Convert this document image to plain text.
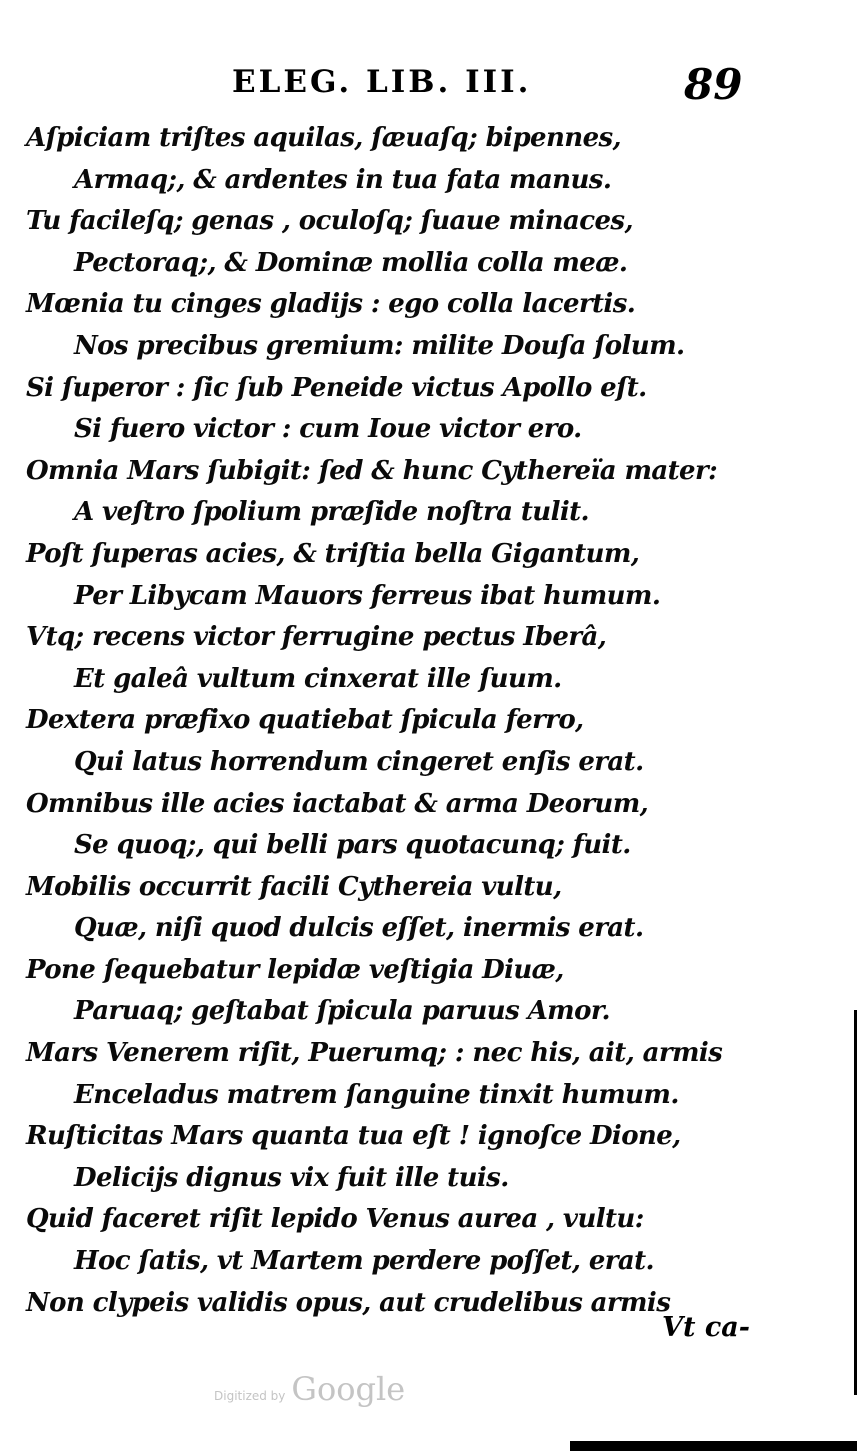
ELEG. LIB. III.	89
Aſpiciam triſtes aquilas, ſæuaſq; bipennes,
Armaq;, & ardentes in tua fata manus.
Tu facileſq; genas , oculoſq; ſuaue minaces,
Pectoraq;, & Dominæ mollia colla meæ.
Mœnia tu cinges gladijs : ego colla lacertis.
Nos precibus gremium: milite Douſa ſolum.
Si ſuperor : ſic ſub Peneide victus Apollo eſt.
Si fuero victor : cum Ioue victor ero.
Omnia Mars ſubigit: ſed & hunc Cythereïa mater:
A veſtro ſpolium præſide noſtra tulit.
Poſt ſuperas acies, & triſtia bella Gigantum,
Per Libycam Mauors ferreus ibat humum.
Vtq; recens victor ferrugine pectus Iberâ,
Et galeâ vultum cinxerat ille ſuum.
Dextera præfixo quatiebat ſpicula ferro,
Qui latus horrendum cingeret enſis erat.
Omnibus ille acies iactabat & arma Deorum,
Se quoq;, qui belli pars quotacunq; fuit.
Mobilis occurrit facili Cythereia vultu,
Quæ, niſi quod dulcis eſſet, inermis erat.
Pone ſequebatur lepidæ veſtigia Diuæ,
Paruaq; geſtabat ſpicula paruus Amor.
Mars Venerem riſit, Puerumq; : nec his, ait, armis
Enceladus matrem ſanguine tinxit humum.
Ruſticitas Mars quanta tua eſt ! ignoſce Dione,
Delicijs dignus vix fuit ille tuis.
Quid faceret riſit lepido Venus aurea , vultu:
Hoc ſatis, vt Martem perdere poſſet, erat.
Non clypeis validis opus, aut crudelibus armis
Vt ca-
Digitized by Google
